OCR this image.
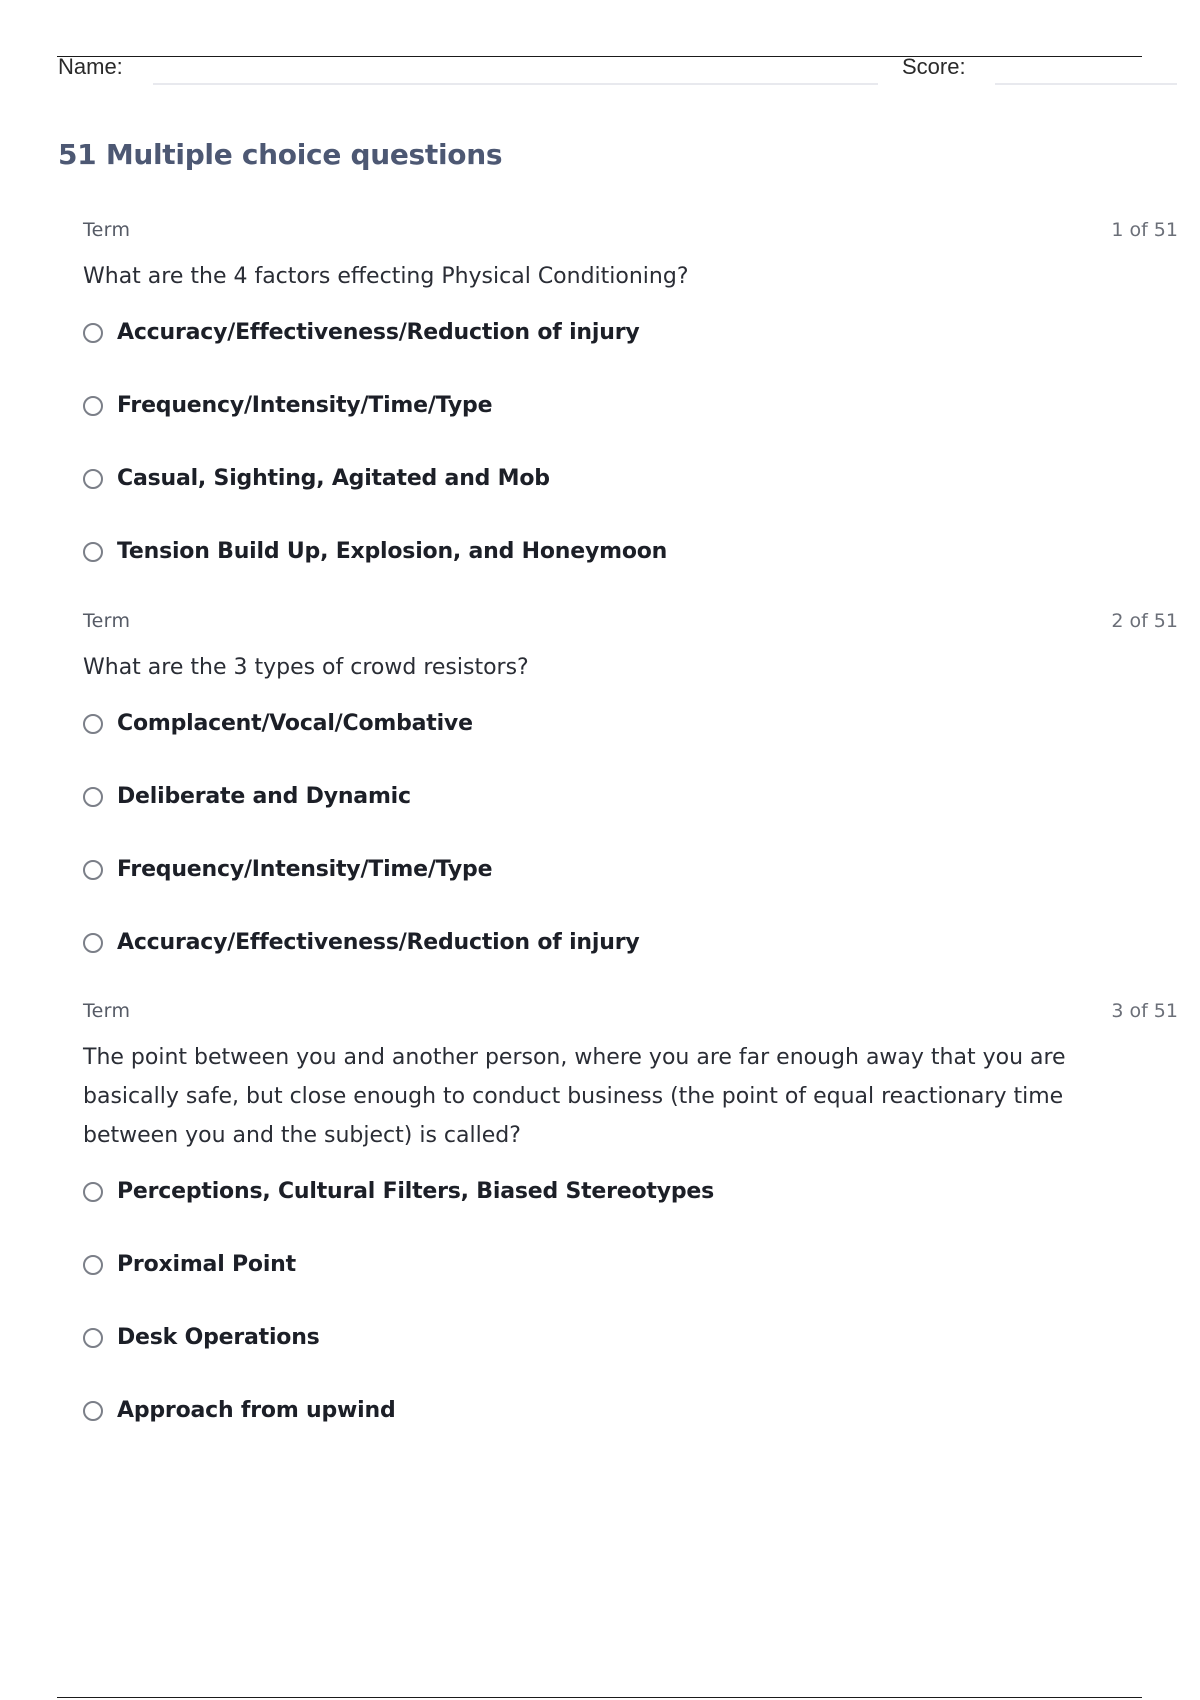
Name:	Score:
51 Multiple choice questions
Term	1 of 51
What are the 4 factors effecting Physical Conditioning?
Accuracy/Effectiveness/Reduction of injury
Frequency/Intensity/Time/Type
Casual, Sighting, Agitated and Mob
Tension Build Up, Explosion, and Honeymoon
Term	2 of 51
What are the 3 types of crowd resistors?
Complacent/Vocal/Combative
Deliberate and Dynamic
Frequency/Intensity/Time/Type
Accuracy/Effectiveness/Reduction of injury
Term	3 of 51
The point between you and another person, where you are far enough away that you are basically safe, but close enough to conduct business (the point of equal reactionary time between you and the subject) is called?
Perceptions, Cultural Filters, Biased Stereotypes
Proximal Point
Desk Operations
Approach from upwind
